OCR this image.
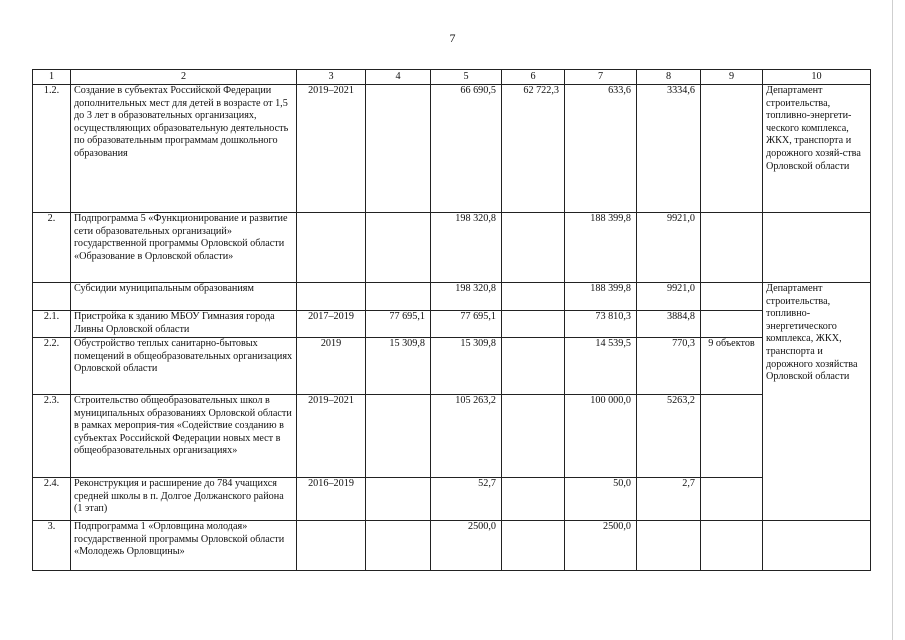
7
1	2	3	4	5	6	7	8	9	10	
1.2.	Создание в субъектах Российской Федерации дополнительных мест для детей в возрасте от 1,5 до 3 лет в образовательных организациях, осуществляющих образовательную деятельность по образовательным программам дошкольного образования	2019–2021		66 690,5	62 722,3	633,6	3334,6		Департамент строительства, топливно-энергети-ческого комплекса, ЖКХ, транспорта и дорожного хозяй-ства Орловской области	
2.	Подпрограмма 5 «Функционирование и развитие сети образовательных организаций» государственной программы Орловской области «Образование в Орловской области»			198 320,8		188 399,8	9921,0			
	Субсидии муниципальным образованиям			198 320,8		188 399,8	9921,0		Департамент строительства, топливно-энергетического комплекса, ЖКХ, транспорта и дорожного хозяйства Орловской области	
2.1.	Пристройка к зданию МБОУ Гимназия города Ливны Орловской области	2017–2019	77 695,1	77 695,1		73 810,3	3884,8			
2.2.	Обустройство теплых санитарно-бытовых помещений в общеобразовательных организациях Орловской области	2019	15 309,8	15 309,8		14 539,5	770,3	9 объектов		
2.3.	Строительство общеобразовательных школ в муниципальных образованиях Орловской области в рамках мероприя-тия «Содействие созданию в субъектах Российской Федерации новых мест в общеобразовательных организациях»	2019–2021		105 263,2		100 000,0	5263,2			
2.4.	Реконструкция и расширение до 784 учащихся средней школы в п. Долгое Должанского района (1 этап)	2016–2019		52,7		50,0	2,7			
3.	Подпрограмма 1 «Орловщина молодая» государственной программы Орловской области «Молодежь Орловщины»			2500,0		2500,0				
